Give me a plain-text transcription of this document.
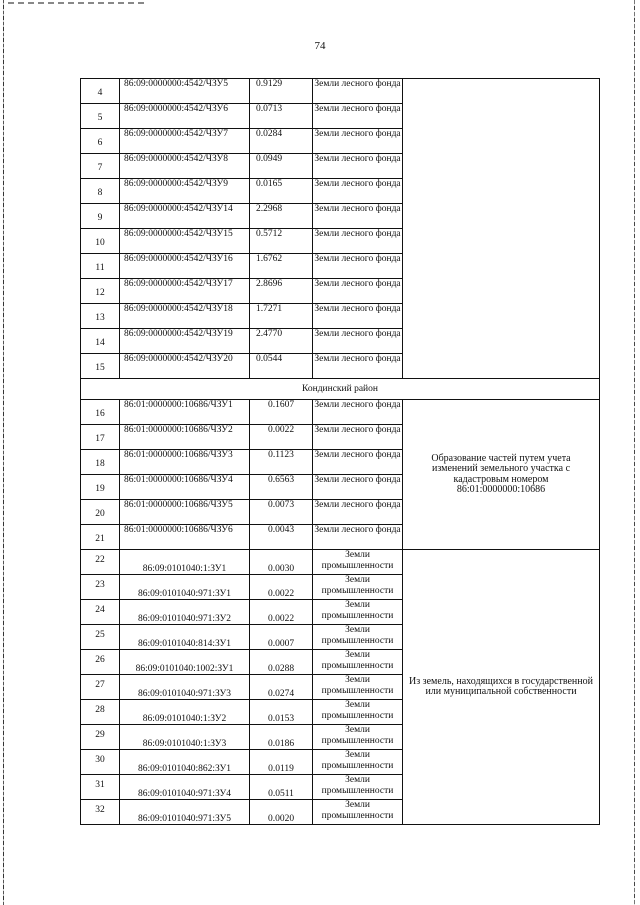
74
4	86:09:0000000:4542/ЧЗУ5	0.9129	Земли лесного фонда	

5	86:09:0000000:4542/ЧЗУ6	0.0713	Земли лесного фонда	

6	86:09:0000000:4542/ЧЗУ7	0.0284	Земли лесного фонда	

7	86:09:0000000:4542/ЧЗУ8	0.0949	Земли лесного фонда	

8	86:09:0000000:4542/ЧЗУ9	0.0165	Земли лесного фонда	

9	86:09:0000000:4542/ЧЗУ14	2.2968	Земли лесного фонда	

10	86:09:0000000:4542/ЧЗУ15	0.5712	Земли лесного фонда	

11	86:09:0000000:4542/ЧЗУ16	1.6762	Земли лесного фонда	

12	86:09:0000000:4542/ЧЗУ17	2.8696	Земли лесного фонда	

13	86:09:0000000:4542/ЧЗУ18	1.7271	Земли лесного фонда	

14	86:09:0000000:4542/ЧЗУ19	2.4770	Земли лесного фонда	

15	86:09:0000000:4542/ЧЗУ20	0.0544	Земли лесного фонда	
Кондинский район				

16	86:01:0000000:10686/ЧЗУ1	0.1607	Земли лесного фонда	Образование частей путем учета изменений земельного участка с кадастровым номером 86:01:0000000:10686

17	86:01:0000000:10686/ЧЗУ2	0.0022	Земли лесного фонда	

18	86:01:0000000:10686/ЧЗУ3	0.1123	Земли лесного фонда	

19	86:01:0000000:10686/ЧЗУ4	0.6563	Земли лесного фонда	

20	86:01:0000000:10686/ЧЗУ5	0.0073	Земли лесного фонда	

21	86:01:0000000:10686/ЧЗУ6	0.0043	Земли лесного фонда	

22	86:09:0101040:1:ЗУ1	0.0030	Земли промышленности	Из земель, находящихся в государственной или муниципальной собственности

23	86:09:0101040:971:ЗУ1	0.0022	Земли промышленности	

24	86:09:0101040:971:ЗУ2	0.0022	Земли промышленности	

25	86:09:0101040:814:ЗУ1	0.0007	Земли промышленности	

26	86:09:0101040:1002:ЗУ1	0.0288	Земли промышленности	

27	86:09:0101040:971:ЗУ3	0.0274	Земли промышленности	

28	86:09:0101040:1:ЗУ2	0.0153	Земли промышленности	

29	86:09:0101040:1:ЗУ3	0.0186	Земли промышленности	

30	86:09:0101040:862:ЗУ1	0.0119	Земли промышленности	

31	86:09:0101040:971:ЗУ4	0.0511	Земли промышленности	

32	86:09:0101040:971:ЗУ5	0.0020	Земли промышленности	
